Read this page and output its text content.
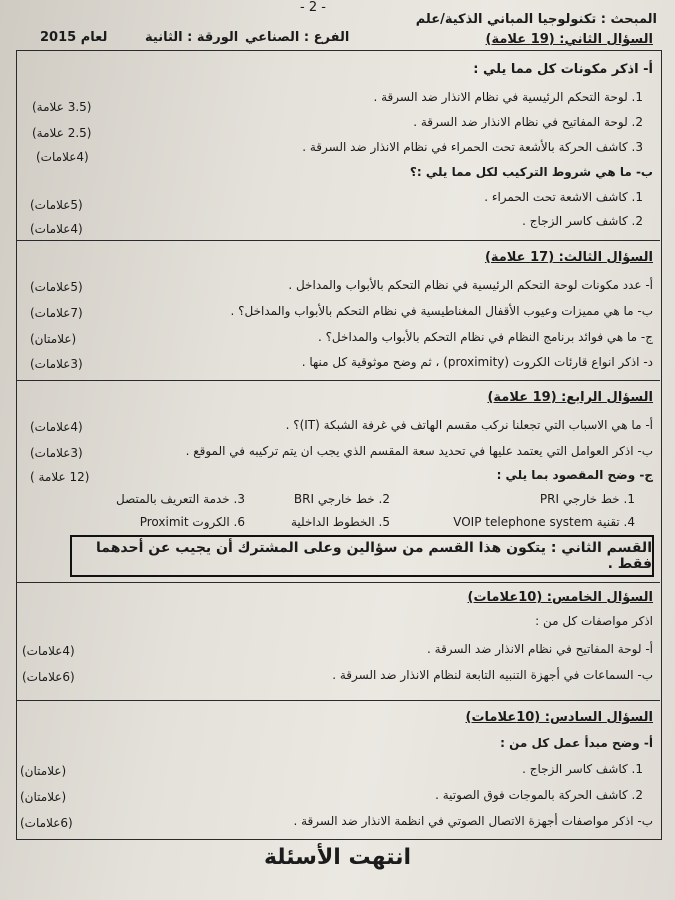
- 2 -
المبحث : تكنولوجيا المباني الذكية/علم
الفرع : الصناعي
الورقة : الثانية
لعام 2015	السؤال الثاني: (19 علامة)
أ- اذكر مكونات كل مما يلي :
1. لوحة التحكم الرئيسية في نظام الانذار ضد السرقة .
2. لوحة المفاتيح في نظام الانذار ضد السرقة .
3. كاشف الحركة بالأشعة تحت الحمراء في نظام الانذار ضد السرقة .
ب- ما هي شروط التركيب لكل مما يلي :؟
1. كاشف الاشعة تحت الحمراء .
2. كاشف كاسر الزجاج .
(3.5 علامة)
(2.5 علامة)
(4علامات)
(5علامات)
(4علامات)
السؤال الثالث: (17 علامة)
أ- عدد مكونات لوحة التحكم الرئيسية في نظام التحكم بالأبواب والمداخل .
ب- ما هي مميزات وعيوب الأقفال المغناطيسية في نظام التحكم بالأبواب والمداخل؟ .
ج- ما هي فوائد برنامج النظام في نظام التحكم بالأبواب والمداخل؟ .
د- اذكر انواع قارئات الكروت (proximity) ، ثم وضح موثوقية كل منها .
(5علامات)
(7علامات)
(علامتان)
(3علامات)
السؤال الرابع: (19 علامة)
أ- ما هي الاسباب التي تجعلنا نركب مقسم الهاتف في غرفة الشبكة (IT)؟ .
ب- اذكر العوامل التي يعتمد عليها في تحديد سعة المقسم الذي يجب ان يتم تركيبه في الموقع .
ج- وضح المقصود بما يلي :
1. خط خارجي PRI
2. خط خارجي BRI
3. خدمة التعريف بالمتصل
4. تقنية VOIP telephone system
5. الخطوط الداخلية
6. الكروت Proximit
(4علامات)
(3علامات)
(12 علامة )
القسم الثاني : يتكون هذا القسم من سؤالين وعلى المشترك أن يجيب عن أحدهما فقط .
السؤال الخامس: (10علامات)
اذكر مواصفات كل من :
أ- لوحة المفاتيح في نظام الانذار ضد السرقة .
ب- السماعات في أجهزة التنبيه التابعة لنظام الانذار ضد السرقة .
(4علامات)
(6علامات)
السؤال السادس: (10علامات)
أ- وضح مبدأ عمل كل من :
1. كاشف كاسر الزجاج .
2. كاشف الحركة بالموجات فوق الصوتية .
ب- اذكر مواصفات أجهزة الاتصال الصوتي في انظمة الانذار ضد السرقة .
(علامتان)
(علامتان)
(6علامات)
انتهت الأسئلة
